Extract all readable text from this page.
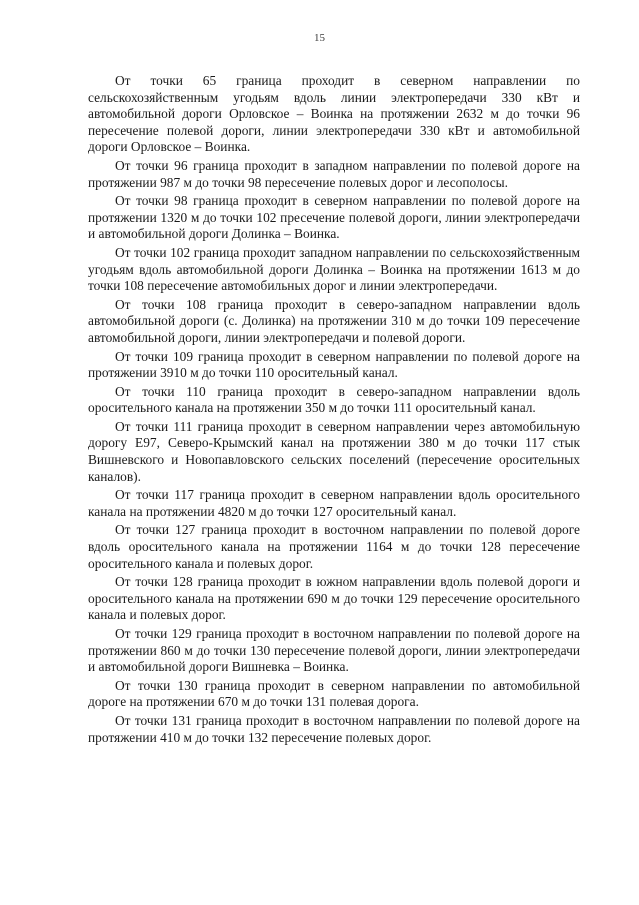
15

От точки 65 граница проходит в северном направлении по сельскохозяйственным угодьям вдоль линии электропередачи 330 кВт и автомобильной дороги Орловское – Воинка на протяжении 2632 м до точки 96 пересечение полевой дороги, линии электропередачи 330 кВт и автомобильной дороги Орловское – Воинка.

От точки 96 граница проходит в западном направлении по полевой дороге на протяжении 987 м до точки 98 пересечение полевых дорог и лесополосы.

От точки 98 граница проходит в северном направлении по полевой дороге на протяжении 1320 м до точки 102 пресечение полевой дороги, линии электропередачи и автомобильной дороги Долинка – Воинка.

От точки 102 граница проходит западном направлении по сельскохозяйственным угодьям вдоль автомобильной дороги Долинка – Воинка на протяжении 1613 м до точки 108 пересечение автомобильных дорог и линии электропередачи.

От точки 108 граница проходит в северо-западном направлении вдоль автомобильной дороги (с. Долинка) на протяжении 310 м до точки 109 пересечение автомобильной дороги, линии электропередачи и полевой дороги.

От точки 109 граница проходит в северном направлении по полевой дороге на протяжении 3910 м до точки 110 оросительный канал.

От точки 110 граница проходит в северо-западном направлении вдоль оросительного канала на протяжении 350 м до точки 111 оросительный канал.

От точки 111 граница проходит в северном направлении через автомобильную дорогу Е97, Северо-Крымский канал на протяжении 380 м до точки 117 стык Вишневского и Новопавловского сельских поселений (пересечение оросительных каналов).

От точки 117 граница проходит в северном направлении вдоль оросительного канала на протяжении 4820 м до точки 127 оросительный канал.

От точки 127 граница проходит в восточном направлении по полевой дороге вдоль оросительного канала на протяжении 1164 м до точки 128 пересечение оросительного канала и полевых дорог.

От точки 128 граница проходит в южном направлении вдоль полевой дороги и оросительного канала на протяжении 690 м до точки 129 пересечение оросительного канала и полевых дорог.

От точки 129 граница проходит в восточном направлении по полевой дороге на протяжении 860 м до точки 130 пересечение полевой дороги, линии электропередачи и автомобильной дороги Вишневка – Воинка.

От точки 130 граница проходит в северном направлении по автомобильной дороге на протяжении 670 м до точки 131 полевая дорога.

От точки 131 граница проходит в восточном направлении по полевой дороге на протяжении 410 м до точки 132 пересечение полевых дорог.
